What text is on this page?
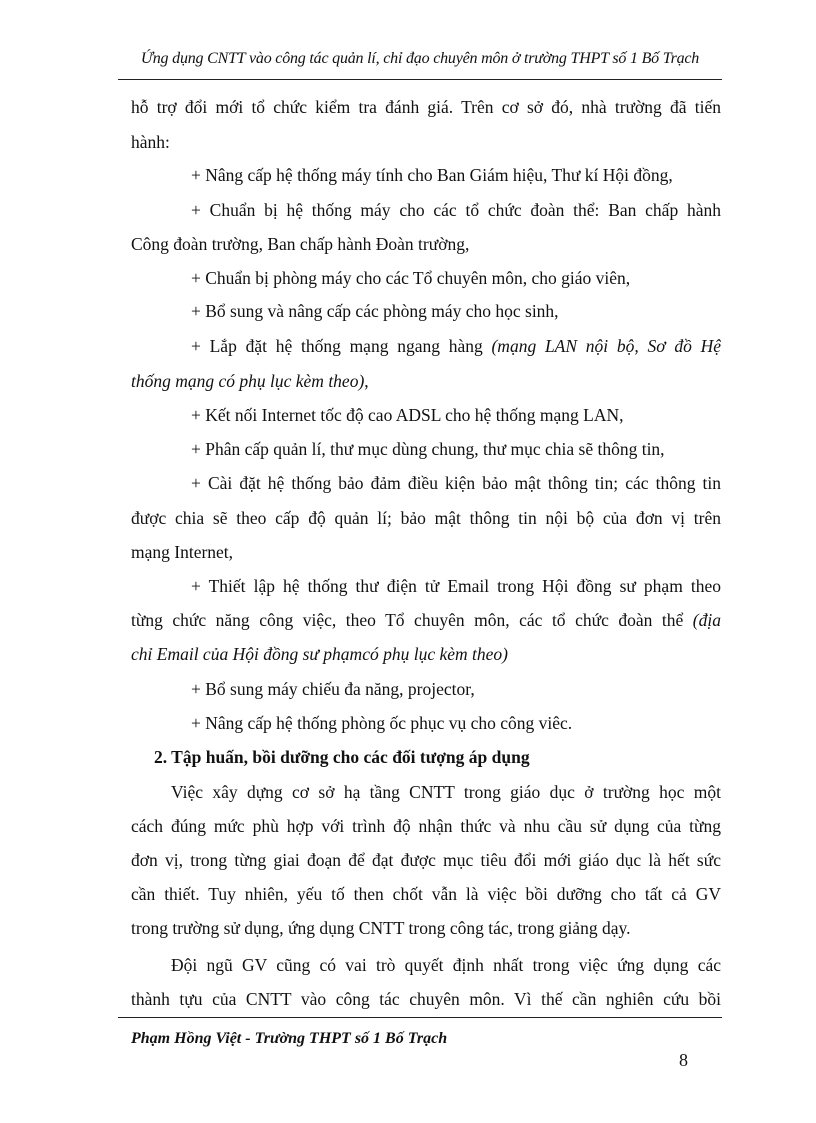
Ứng dụng CNTT vào công tác quản lí, chỉ đạo chuyên môn ở trường THPT số 1 Bố Trạch
hỗ trợ đổi mới tổ chức kiểm tra đánh giá. Trên cơ sở đó, nhà trường đã tiến
hành:
+ Nâng cấp hệ thống máy tính cho Ban Giám hiệu, Thư kí Hội đồng,
+ Chuẩn bị hệ thống máy cho các tổ chức đoàn thể: Ban chấp hành
Công đoàn trường, Ban chấp hành Đoàn trường,
+ Chuẩn bị phòng máy cho các Tổ chuyên môn, cho giáo viên,
+ Bổ sung và nâng cấp các phòng máy cho học sinh,
+ Lắp đặt hệ thống mạng ngang hàng (mạng LAN nội bộ, Sơ đồ Hệ
thống mạng có phụ lục kèm theo),
+ Kết nối Internet tốc độ cao ADSL cho hệ thống mạng LAN,
+ Phân cấp quản lí, thư mục dùng chung, thư mục chia sẽ thông tin,
+ Cài đặt hệ thống bảo đảm điều kiện bảo mật thông tin; các thông tin
được chia sẽ theo cấp độ quản lí; bảo mật thông tin nội bộ của đơn vị trên
mạng Internet,
+ Thiết lập hệ thống thư điện tử Email trong Hội đồng sư phạm theo
từng chức năng công việc, theo Tổ chuyên môn, các tổ chức đoàn thể (địa
chỉ Email của Hội đồng sư phạmcó phụ lục kèm theo)
+ Bổ sung máy chiếu đa năng, projector,
+ Nâng cấp hệ thống phòng ốc phục vụ cho công viêc.
2. Tập huấn, bồi dưỡng cho các đối tượng áp dụng
Việc xây dựng cơ sở hạ tầng CNTT trong giáo dục ở trường học một
cách đúng mức phù hợp với trình độ nhận thức và nhu cầu sử dụng của từng
đơn vị, trong từng giai đoạn để đạt được mục tiêu đổi mới giáo dục là hết sức
cần thiết. Tuy nhiên, yếu tố then chốt vẫn là việc bồi dưỡng cho tất cả GV
trong trường sử dụng, ứng dụng CNTT trong công tác, trong giảng dạy.
Đội ngũ GV cũng có vai trò quyết định nhất trong việc ứng dụng các
thành tựu của CNTT vào công tác chuyên môn. Vì thế cần nghiên cứu bồi
Phạm Hồng Việt - Trường THPT số 1 Bố Trạch
8
